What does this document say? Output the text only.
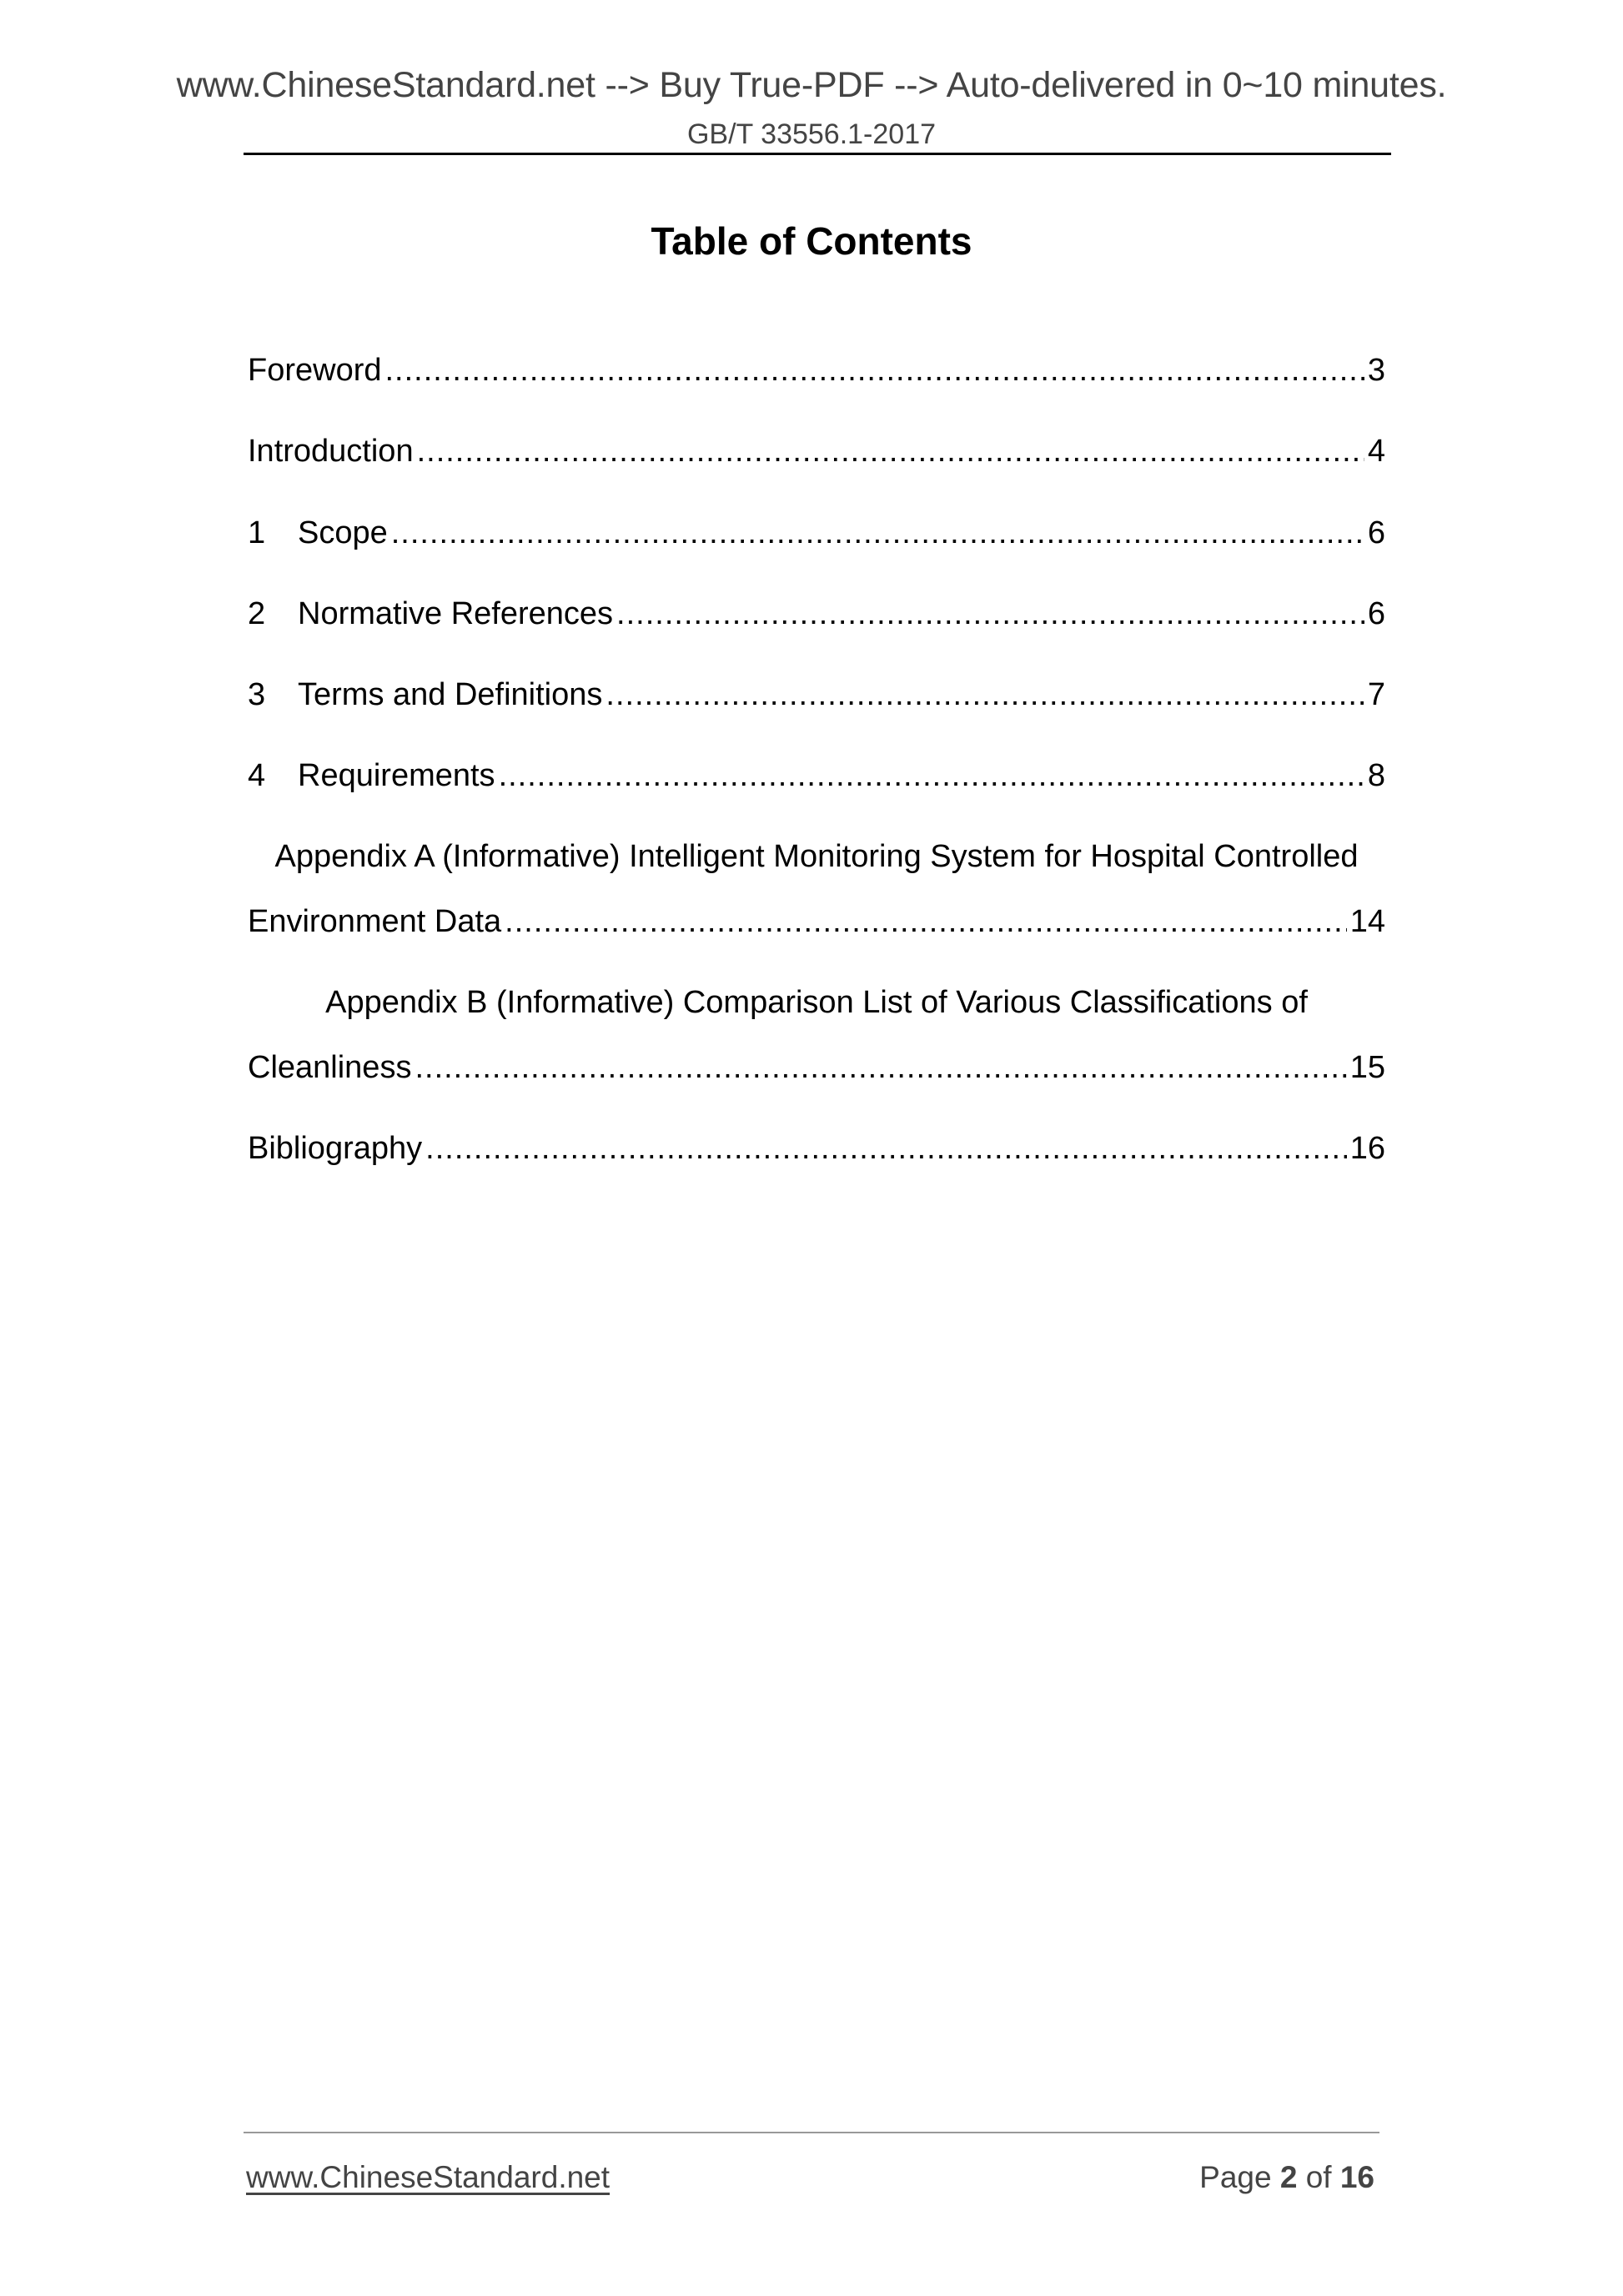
www.ChineseStandard.net --> Buy True-PDF --> Auto-delivered in 0~10 minutes.
GB/T 33556.1-2017
Table of Contents
Foreword .....	3
Introduction .....	4
1	Scope .....	6
2	Normative References .....	6
3	Terms and Definitions .....	7
4	Requirements .....	8
Appendix A (Informative) Intelligent Monitoring System for Hospital Controlled
Environment Data .....	14
Appendix B (Informative) Comparison List of Various Classifications of
Cleanliness .....	15
Bibliography .....	16
www.ChineseStandard.net	Page 2 of 16
